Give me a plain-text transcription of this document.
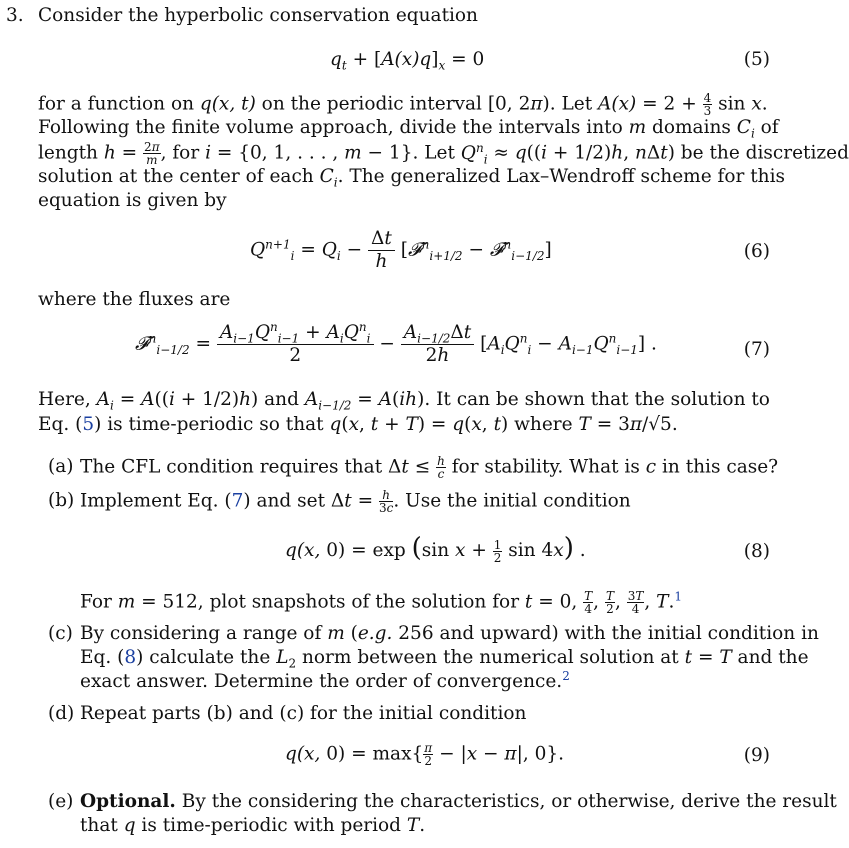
3. Consider the hyperbolic conservation equation
$q_t + [A(x)q]_x = 0$	(5)
for a function on q(x, t) on the periodic interval [0, 2π). Let $A(x) = 2 + \frac{4}{3}$ sin x.
Following the finite volume approach, divide the intervals into m domains $C_i$ of
length $h = \frac{2\pi}{m}$ , for i = {0, 1, . . . , m − 1}. Let $Q^n_i \approx q((i + 1/2)h$, nΔt) be the discretized
solution at the center of each $C_i$. The generalized Lax–Wendroff scheme for this
equation is given by
$Q^{n+1}_i = Q_i - \frac{\Delta t}{h}$ [𝓕$^n_{i+1/2}$ − 𝓕$^n_{i-1/2}$]	(6)
where the fluxes are
𝓕$^n_{i-1/2}$ =
$A_{i-1}Q^n_{i-1} + A_iQ^n_i$
2
− $\frac{A_{i-1/2}\Delta t}{2h} [A_iQ^n_i - A_{i-1}Q^n_{i-1}]$ .	(7)
Here, $A_i = A((i + 1/2)h)$ and $A_{i-1/2} = A(ih)$. It can be shown that the solution to
Eq. (5) is time-periodic so that q(x, t + T) = q(x, t) where T = 3π/√5.
(a) The CFL condition requires that $\Delta t \le \frac{h}{c}$ for stability. What is c in this case?
(b) Implement Eq. (7) and set $\Delta t = \frac{h}{3c}$ . Use the initial condition
q(x, 0) = exp (sin $x + \frac{1}{2}$ sin 4x) .	(8)
For m = 512, plot snapshots of the solution for t = 0, $\frac{T}{4}$ , $\frac{T}{2}$ , $\frac{3T}{4}$ , T.$^1$
(c) By considering a range of m (e.g. 256 and upward) with the initial condition in
Eq. (8) calculate the $L_2$ norm between the numerical solution at t = T and the
exact answer. Determine the order of convergence.$^2$
(d) Repeat parts (b) and (c) for the initial condition
q(x, $0) = \max\{ \frac{\pi}{2} - |x - \pi|$, 0}.	(9)
(e) Optional. By the considering the characteristics, or otherwise, derive the result
that q is time-periodic with period T.
